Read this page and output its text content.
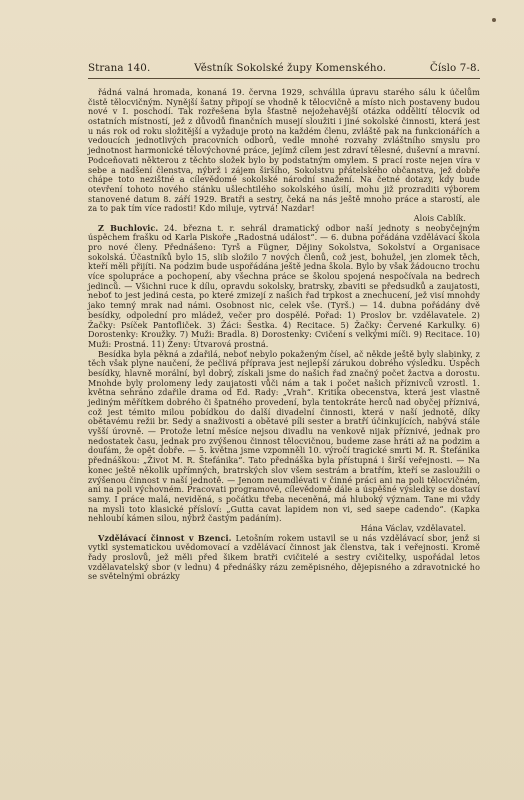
Strana 140.	Věstník Sokolské župy Komenského.	Číslo 7-8.

řádná valná hromada, konaná 19. června 1929, schválila úpravu starého sálu k účelům čistě tělocvičným. Nynější šatny připojí se vhodně k tělocvičně a místo nich postaveny budou nové v I. poschodí. Tak rozřešena byla šťastně nejožehavější otázka oddělití tělocvik od ostatních místností, jež z důvodů finančních musejí sloužiti i jiné sokolské činnosti, která jest u nás rok od roku složitější a vyžaduje proto na každém členu, zvláště pak na funkcionářích a vedoucích jednotlivých pracovních odborů, vedle mnohé rozvahy zvláštního smyslu pro jednotnost harmonické tělovýchovné práce, jejímž cílem jest zdraví tělesné, duševní a mravní. Podceňovati některou z těchto složek bylo by podstatným omylem. S prací roste nejen víra v sebe a nadšení členstva, nýbrž i zájem širšího, Sokolstvu přátelského občanstva, jež dobře chápe toto nezištné a cílevědomé sokolské národní snažení. Na četné dotazy, kdy bude otevření tohoto nového stánku ušlechtilého sokolského úsilí, mohu již prozraditi výborem stanovené datum 8. září 1929. Bratři a sestry, čeká na nás ještě mnoho práce a starostí, ale za to pak tím více radosti! Kdo miluje, vytrvá! Nazdar!

Alois Cablík.

Z Buchlovic. 24. března t. r. sehrál dramatický odbor naší jednoty s neobyčejným úspěchem frašku od Karla Piskoře „Radostná událost“. — 6. dubna pořádána vzdělávací škola pro nové členy. Přednášeno: Tyrš a Fügner, Dějiny Sokolstva, Sokolství a Organisace sokolská. Účastníků bylo 15, slib složilo 7 nových členů, což jest, bohužel, jen zlomek těch, kteří měli přijíti. Na podzim bude uspořádána ještě jedna škola. Bylo by však žádoucno trochu více spolupráce a pochopení, aby všechna práce se školou spojená nespočívala na bedrech jedinců. — Všichni ruce k dílu, opravdu sokolsky, bratrsky, zbaviti se předsudků a zaujatosti, neboť to jest jediná cesta, po které zmizejí z našich řad trpkost a znechucení, jež visí mnohdy jako temný mrak nad námi. Osobnost nic, celek vše. (Tyrš.) — 14. dubna pořádány dvě besídky, odpolední pro mládež, večer pro dospělé. Pořad: 1) Proslov br. vzdělavatele. 2) Žačky: Psíček Pantofliček. 3) Žáci: Šestka. 4) Recitace. 5) Žačky: Červené Karkulky. 6) Dorostenky: Kroužky. 7) Muži: Bradla. 8) Dorostenky: Cvičení s velkými míči. 9) Recitace. 10) Muži: Prostná. 11) Ženy: Útvarová prostná.

Besídka byla pěkná a zdařilá, neboť nebylo pokaženým čísel, ač někde ještě byly slabinky, z těch však plyne naučení, že pečlivá příprava jest nejlepší zárukou dobrého výsledku. Úspěch besídky, hlavně morální, byl dobrý, získali jsme do našich řad značný počet žactva a dorostu. Mnohde byly prolomeny ledy zaujatosti vůči nám a tak i počet našich příznivců vzrostl. 1. května sehráno zdařile drama od Ed. Rady: „Vrah“. Kritika obecenstva, která jest vlastně jediným měřítkem dobrého či špatného provedení, byla tentokráte herců nad obyčej příznivá, což jest témito milou pobídkou do další divadelní činnosti, která v naší jednotě, díky obětavému režii br. Sedy a snaživosti a obětavé píli sester a bratří účinkujících, nabývá stále vyšší úrovně. — Protože letní měsíce nejsou divadlu na venkově nijak příznivé, jednak pro nedostatek času, jednak pro zvýšenou činnost tělocvičnou, budeme zase hráti až na podzim a doufám, že opět dobře. — 5. května jsme vzpomněli 10. výročí tragické smrti M. R. Štefánika přednáškou: „Život M. R. Štefánika“. Tato přednáška byla přístupná i širší veřejnosti. — Na konec ještě několik upřímných, bratrských slov všem sestrám a bratřím, kteří se zasloužili o zvýšenou činnost v naší jednotě. — Jenom neumdlévati v činné práci ani na poli tělocvičném, ani na poli výchovném. Pracovati programově, cílevědomě dále a úspěšné výsledky se dostaví samy. I práce malá, neviděná, s počátku třeba neceněná, má hluboký význam. Tane mi vždy na mysli toto klasické přísloví: „Gutta cavat lapidem non vi, sed saepe cadendo“. (Kapka nehloubí kámen silou, nýbrž častým padáním).

Hána Václav, vzdělavatel.

Vzdělávací činnost v Bzenci. Letošním rokem ustavil se u nás vzdělávací sbor, jenž si vytkl systematickou uvědomovací a vzdělávací činnost jak členstva, tak i veřejnosti. Kromě řady proslovů, jež měli před šikem bratři cvičitelé a sestry cvičitelky, uspořádal letos vzdělavatelský sbor (v lednu) 4 přednášky rázu zeměpisného, dějepisného a zdravotnické ho se světelnými obrázky
